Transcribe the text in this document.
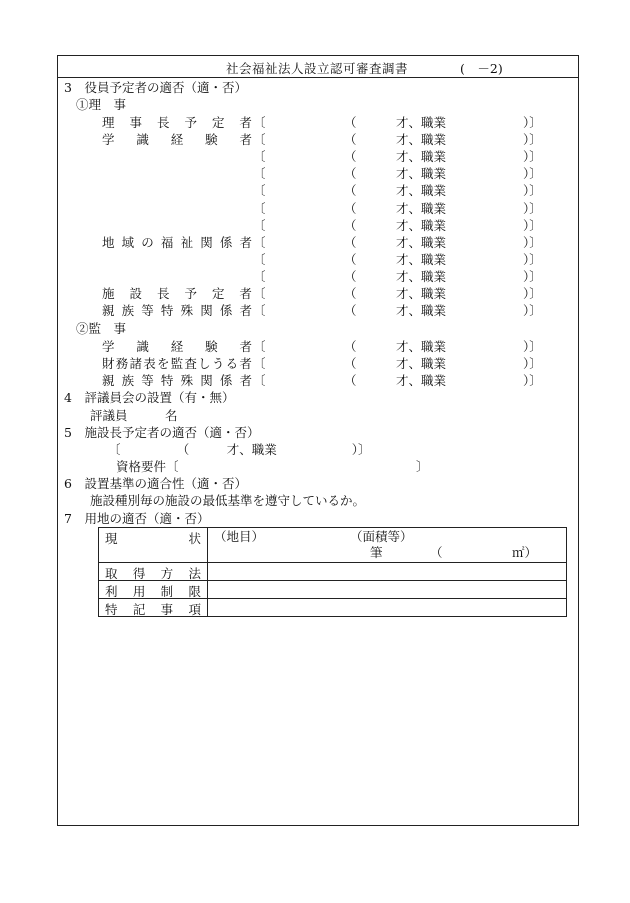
社会福祉法人設立認可審査調書	(　－2)
3　役員予定者の適否（適・否）
①理　事
理 事 長 予 定 者 〔	（	才、職業	）〕
学 識 経 験 者 〔	（	才、職業	）〕
〔	（	才、職業	）〕
〔	（	才、職業	）〕
〔	（	才、職業	）〕
〔	（	才、職業	）〕
〔	（	才、職業	）〕
地 域 の 福 祉 関 係 者 〔	（	才、職業	）〕
〔	（	才、職業	）〕
〔	（	才、職業	）〕
施 設 長 予 定 者 〔	（	才、職業	）〕
親 族 等 特 殊 関 係 者 〔	（	才、職業	）〕
②監　事
学 識 経 験 者 〔	（	才、職業	）〕
財 務 諸 表 を 監 査 し う る 者 〔	（	才、職業	）〕
親 族 等 特 殊 関 係 者 〔	（	才、職業	）〕
4　評議員会の設置（有・無）
評議員　　　名
5　施設長予定者の適否（適・否）
〔　　　　　（　　　才、職業　　　　　　）〕
資格要件〔　　　　　　　　　　　　　　　　　　　〕
6　設置基準の適合性（適・否）
施設種別毎の施設の最低基準を遵守しているか。
7　用地の適否（適・否）
現 状	（地目） （面積等）
筆 （ ㎡）

取 得 方 法	

利 用 制 限	

特 記 事 項	
